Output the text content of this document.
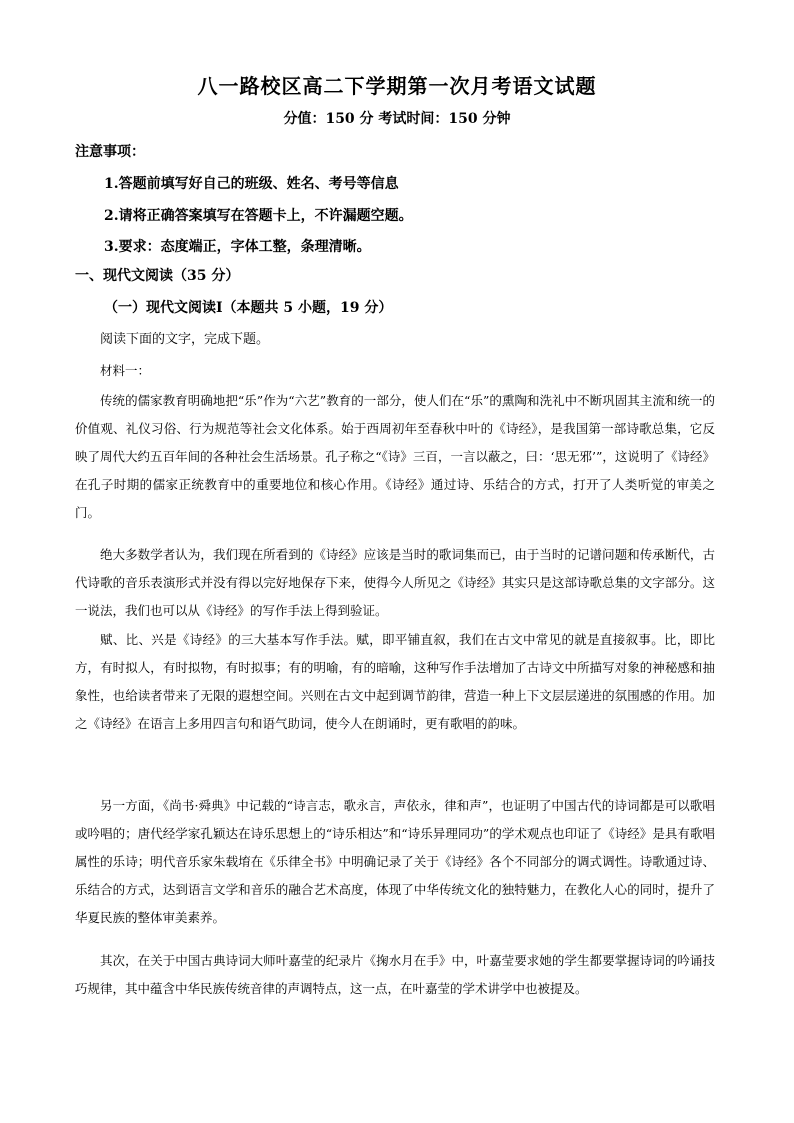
八一路校区高二下学期第一次月考语文试题
分值：150 分 考试时间：150 分钟
注意事项：
1.答题前填写好自己的班级、姓名、考号等信息
2.请将正确答案填写在答题卡上，不许漏题空题。
3.要求：态度端正，字体工整，条理清晰。
一、现代文阅读（35 分）
（一）现代文阅读Ⅰ（本题共 5 小题，19 分）
阅读下面的文字，完成下题。
材料一：

传统的儒家教育明确地把“乐”作为“六艺”教育的一部分，使人们在“乐”的熏陶和洗礼中不断巩固其主流和统一的价值观、礼仪习俗、行为规范等社会文化体系。始于西周初年至春秋中叶的《诗经》，是我国第一部诗歌总集，它反映了周代大约五百年间的各种社会生活场景。孔子称之“《诗》三百，一言以蔽之，曰：‘思无邪’”，这说明了《诗经》在孔子时期的儒家正统教育中的重要地位和核心作用。《诗经》通过诗、乐结合的方式，打开了人类听觉的审美之门。

绝大多数学者认为，我们现在所看到的《诗经》应该是当时的歌词集而已，由于当时的记谱问题和传承断代，古代诗歌的音乐表演形式并没有得以完好地保存下来，使得今人所见之《诗经》其实只是这部诗歌总集的文字部分。这一说法，我们也可以从《诗经》的写作手法上得到验证。

赋、比、兴是《诗经》的三大基本写作手法。赋，即平铺直叙，我们在古文中常见的就是直接叙事。比，即比方，有时拟人，有时拟物，有时拟事；有的明喻，有的暗喻，这种写作手法增加了古诗文中所描写对象的神秘感和抽象性，也给读者带来了无限的遐想空间。兴则在古文中起到调节韵律，营造一种上下文层层递进的氛围感的作用。加之《诗经》在语言上多用四言句和语气助词，使今人在朗诵时，更有歌唱的韵味。

另一方面，《尚书·舜典》中记载的“诗言志，歌永言，声依永，律和声”，也证明了中国古代的诗词都是可以歌唱或吟唱的；唐代经学家孔颖达在诗乐思想上的“诗乐相达”和“诗乐异理同功”的学术观点也印证了《诗经》是具有歌唱属性的乐诗；明代音乐家朱载堉在《乐律全书》中明确记录了关于《诗经》各个不同部分的调式调性。诗歌通过诗、乐结合的方式，达到语言文学和音乐的融合艺术高度，体现了中华传统文化的独特魅力，在教化人心的同时，提升了华夏民族的整体审美素养。

其次，在关于中国古典诗词大师叶嘉莹的纪录片《掬水月在手》中，叶嘉莹要求她的学生都要掌握诗词的吟诵技巧规律，其中蕴含中华民族传统音律的声调特点，这一点，在叶嘉莹的学术讲学中也被提及。
